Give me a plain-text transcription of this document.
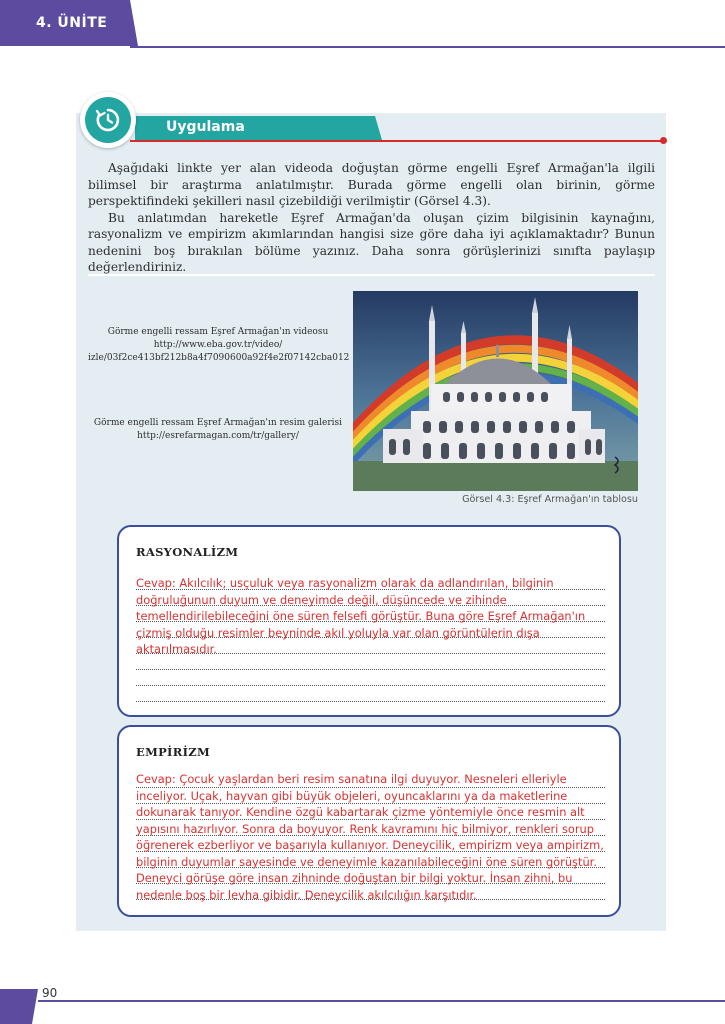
4. ÜNİTE
Uygulama

Aşağıdaki linkte yer alan videoda doğuştan görme engelli Eşref Armağan'la ilgili bilimsel bir araştırma anlatılmıştır. Burada görme engelli olan birinin, görme perspektifindeki şekilleri nasıl çizebildiği verilmiştir (Görsel 4.3).

Bu anlatımdan hareketle Eşref Armağan'da oluşan çizim bilgisinin kaynağını, rasyonalizm ve empirizm akımlarından hangisi size göre daha iyi açıklamaktadır? Bunun nedenini boş bırakılan bölüme yazınız. Daha sonra görüşlerinizi sınıfta paylaşıp değerlendiriniz.

Görme engelli ressam Eşref Armağan'ın videosu
http://www.eba.gov.tr/video/
izle/03f2ce413bf212b8a4f7090600a92f4e2f07142cba012
Görme engelli ressam Eşref Armağan'ın resim galerisi
http://esrefarmagan.com/tr/gallery/
Görsel 4.3: Eşref Armağan'ın tablosu
RASYONALİZM

Cevap: Akılcılık; usçuluk veya rasyonalizm olarak da adlandırılan, bilginin doğruluğunun duyum ve deneyimde değil, düşüncede ve zihinde temellendirilebileceğini öne süren felsefi görüştür. Buna göre Eşref Armağan'ın çizmiş olduğu resimler beyninde akıl yoluyla var olan görüntülerin dışa aktarılmasıdır.

EMPİRİZM

Cevap: Çocuk yaşlardan beri resim sanatına ilgi duyuyor. Nesneleri elleriyle inceliyor. Uçak, hayvan gibi büyük objeleri, oyuncaklarını ya da maketlerine dokunarak tanıyor. Kendine özgü kabartarak çizme yöntemiyle önce resmin alt yapısını hazırlıyor. Sonra da boyuyor. Renk kavramını hiç bilmiyor, renkleri sorup öğrenerek ezberliyor ve başarıyla kullanıyor. Deneycilik, empirizm veya ampirizm, bilginin duyumlar sayesinde ve deneyimle kazanılabileceğini öne süren görüştür. Deneyci görüşe göre insan zihninde doğuştan bir bilgi yoktur. İnsan zihni, bu nedenle boş bir levha gibidir. Deneycilik akılcılığın karşıtıdır.

90
